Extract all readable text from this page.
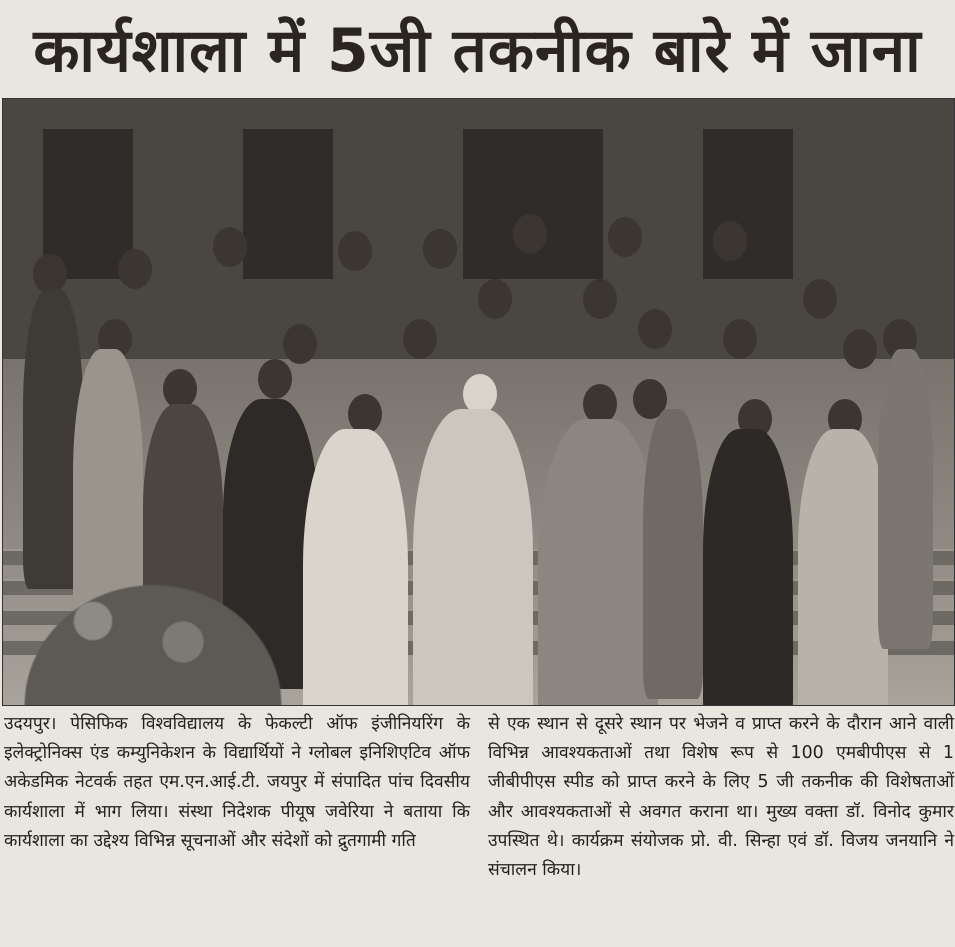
कार्यशाला में 5जी तकनीक बारे में जाना

उदयपुर। पेसिफिक विश्वविद्यालय के फेकल्टी ऑफ इंजीनियरिंग के इलेक्ट्रोनिक्स एंड कम्युनिकेशन के विद्यार्थियों ने ग्लोबल इनिशिएटिव ऑफ अकेडमिक नेटवर्क तहत एम.एन.आई.टी. जयपुर में संपादित पांच दिवसीय कार्यशाला में भाग लिया। संस्था निदेशक पीयूष जवेरिया ने बताया कि कार्यशाला का उद्देश्य विभिन्न सूचनाओं और संदेशों को द्रुतगामी गति

से एक स्थान से दूसरे स्थान पर भेजने व प्राप्त करने के दौरान आने वाली विभिन्न आवश्यकताओं तथा विशेष रूप से 100 एमबीपीएस से 1 जीबीपीएस स्पीड को प्राप्त करने के लिए 5 जी तकनीक की विशेषताओं और आवश्यकताओं से अवगत कराना था। मुख्य वक्ता डॉ. विनोद कुमार उपस्थित थे। कार्यक्रम संयोजक प्रो. वी. सिन्हा एवं डॉ. विजय जनयानि ने संचालन किया।
